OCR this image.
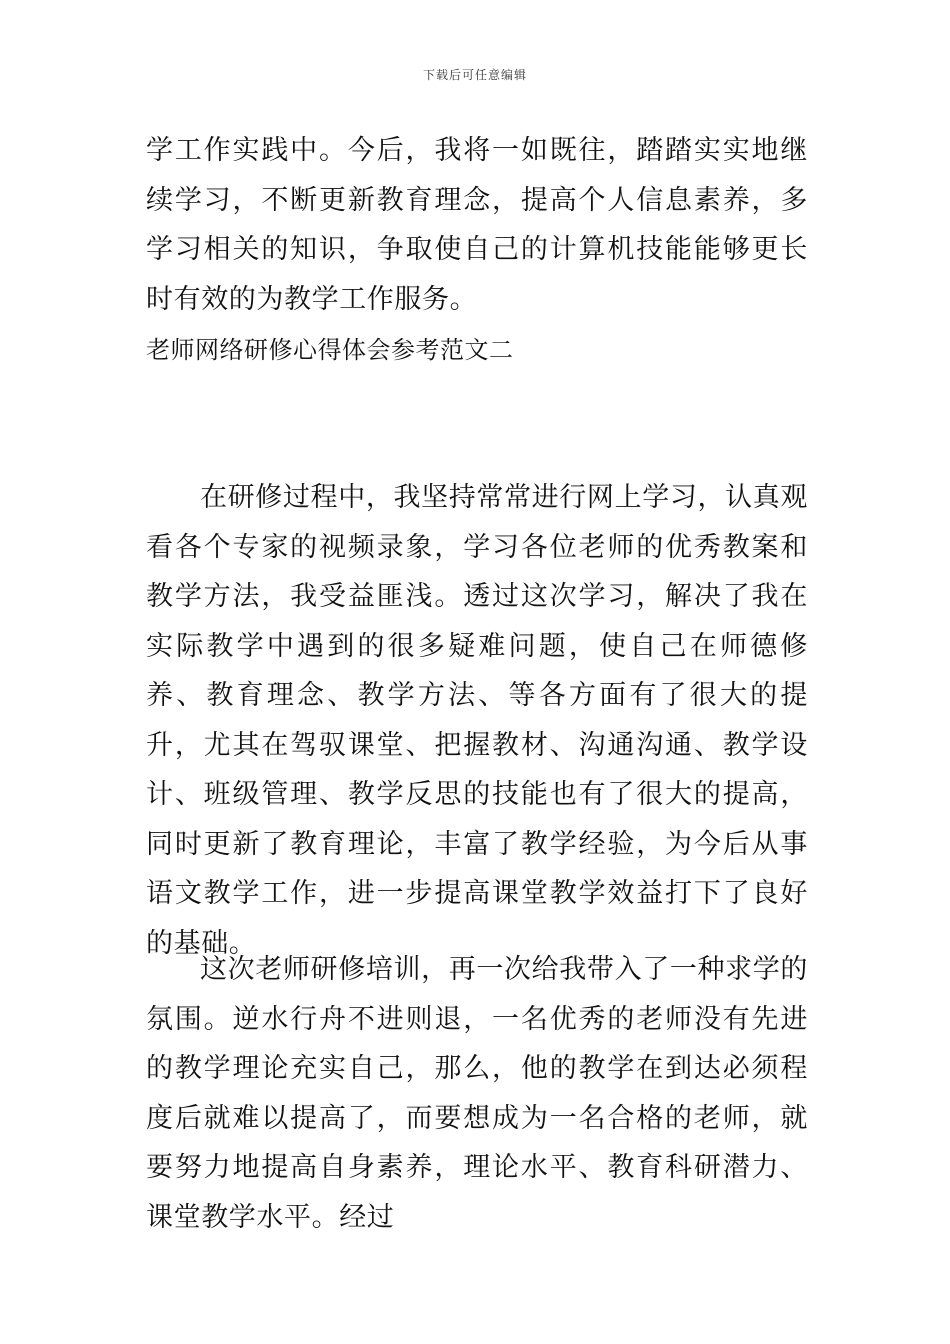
下载后可任意编辑

学工作实践中。今后，我将一如既往，踏踏实实地继续学习，不断更新教育理念，提高个人信息素养，多学习相关的知识，争取使自己的计算机技能能够更长时有效的为教学工作服务。

老师网络研修心得体会参考范文二

在研修过程中，我坚持常常进行网上学习，认真观看各个专家的视频录象，学习各位老师的优秀教案和教学方法，我受益匪浅。透过这次学习，解决了我在实际教学中遇到的很多疑难问题，使自己在师德修养、教育理念、教学方法、等各方面有了很大的提升，尤其在驾驭课堂、把握教材、沟通沟通、教学设计、班级管理、教学反思的技能也有了很大的提高，同时更新了教育理论，丰富了教学经验，为今后从事语文教学工作，进一步提高课堂教学效益打下了良好的基础。

这次老师研修培训，再一次给我带入了一种求学的氛围。逆水行舟不进则退，一名优秀的老师没有先进的教学理论充实自己，那么，他的教学在到达必须程度后就难以提高了，而要想成为一名合格的老师，就要努力地提高自身素养，理论水平、教育科研潜力、课堂教学水平。经过
